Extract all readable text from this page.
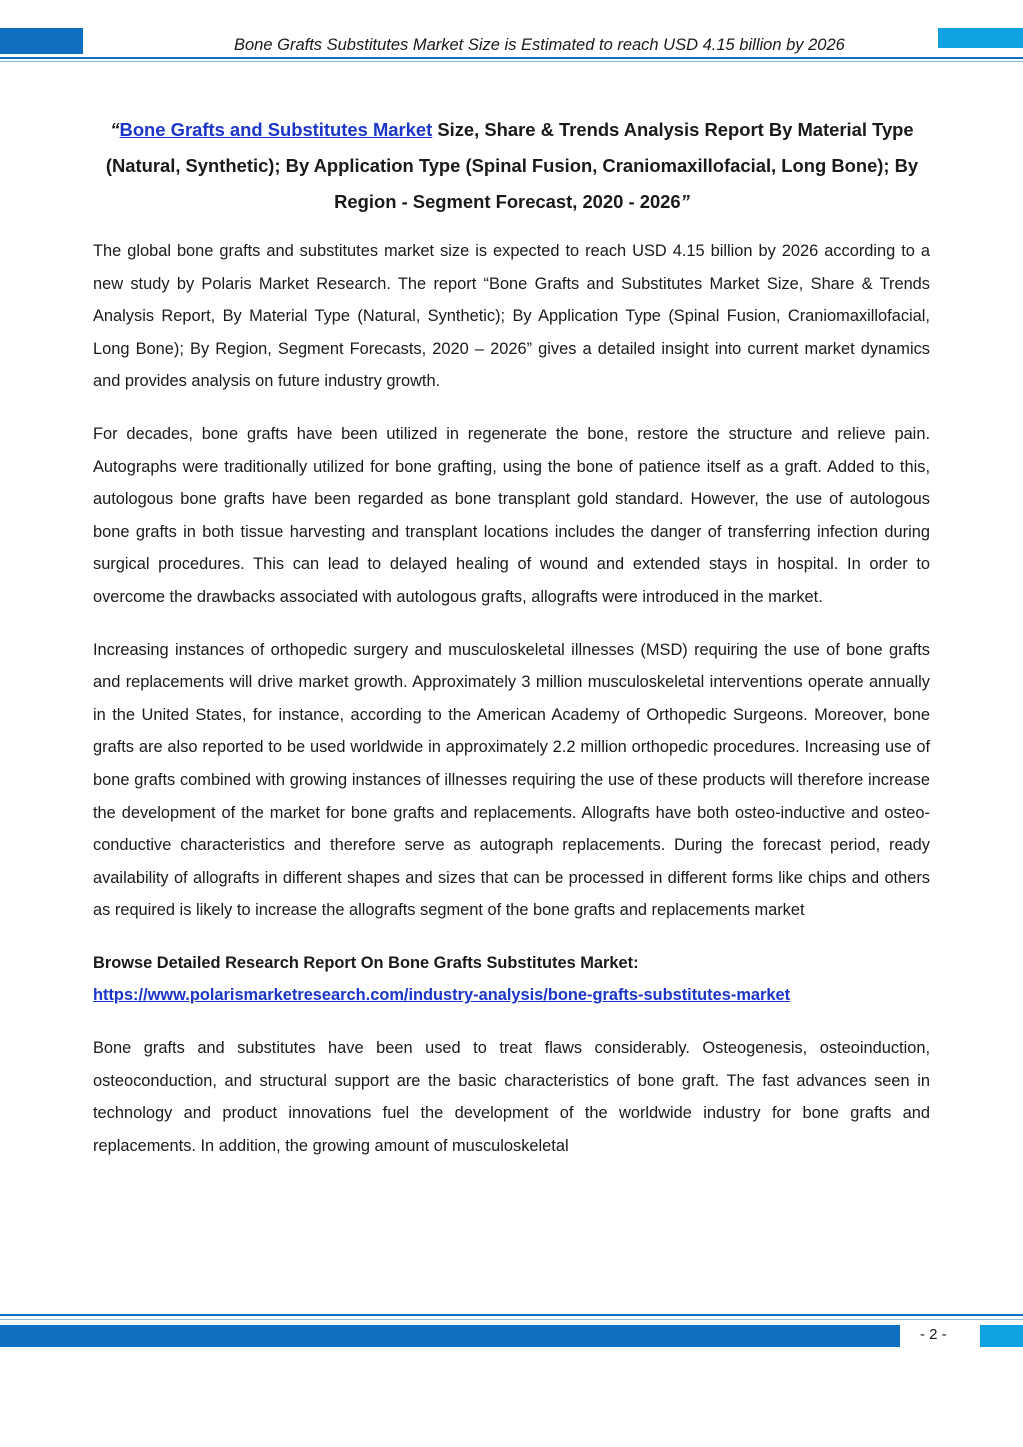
Bone Grafts Substitutes Market Size is Estimated to reach USD 4.15 billion by 2026
“Bone Grafts and Substitutes Market Size, Share & Trends Analysis Report By Material Type (Natural, Synthetic); By Application Type (Spinal Fusion, Craniomaxillofacial, Long Bone); By Region - Segment Forecast, 2020 - 2026”

The global bone grafts and substitutes market size is expected to reach USD 4.15 billion by 2026 according to a new study by Polaris Market Research. The report “Bone Grafts and Substitutes Market Size, Share & Trends Analysis Report, By Material Type (Natural, Synthetic); By Application Type (Spinal Fusion, Craniomaxillofacial, Long Bone); By Region, Segment Forecasts, 2020 – 2026” gives a detailed insight into current market dynamics and provides analysis on future industry growth.

For decades, bone grafts have been utilized in regenerate the bone, restore the structure and relieve pain. Autographs were traditionally utilized for bone grafting, using the bone of patience itself as a graft. Added to this, autologous bone grafts have been regarded as bone transplant gold standard. However, the use of autologous bone grafts in both tissue harvesting and transplant locations includes the danger of transferring infection during surgical procedures. This can lead to delayed healing of wound and extended stays in hospital. In order to overcome the drawbacks associated with autologous grafts, allografts were introduced in the market.

Increasing instances of orthopedic surgery and musculoskeletal illnesses (MSD) requiring the use of bone grafts and replacements will drive market growth. Approximately 3 million musculoskeletal interventions operate annually in the United States, for instance, according to the American Academy of Orthopedic Surgeons. Moreover, bone grafts are also reported to be used worldwide in approximately 2.2 million orthopedic procedures. Increasing use of bone grafts combined with growing instances of illnesses requiring the use of these products will therefore increase the development of the market for bone grafts and replacements. Allografts have both osteo-inductive and osteo-conductive characteristics and therefore serve as autograph replacements. During the forecast period, ready availability of allografts in different shapes and sizes that can be processed in different forms like chips and others as required is likely to increase the allografts segment of the bone grafts and replacements market

Browse Detailed Research Report On Bone Grafts Substitutes Market:

https://www.polarismarketresearch.com/industry-analysis/bone-grafts-substitutes-market

Bone grafts and substitutes have been used to treat flaws considerably. Osteogenesis, osteoinduction, osteoconduction, and structural support are the basic characteristics of bone graft. The fast advances seen in technology and product innovations fuel the development of the worldwide industry for bone grafts and replacements. In addition, the growing amount of musculoskeletal

- 2 -
